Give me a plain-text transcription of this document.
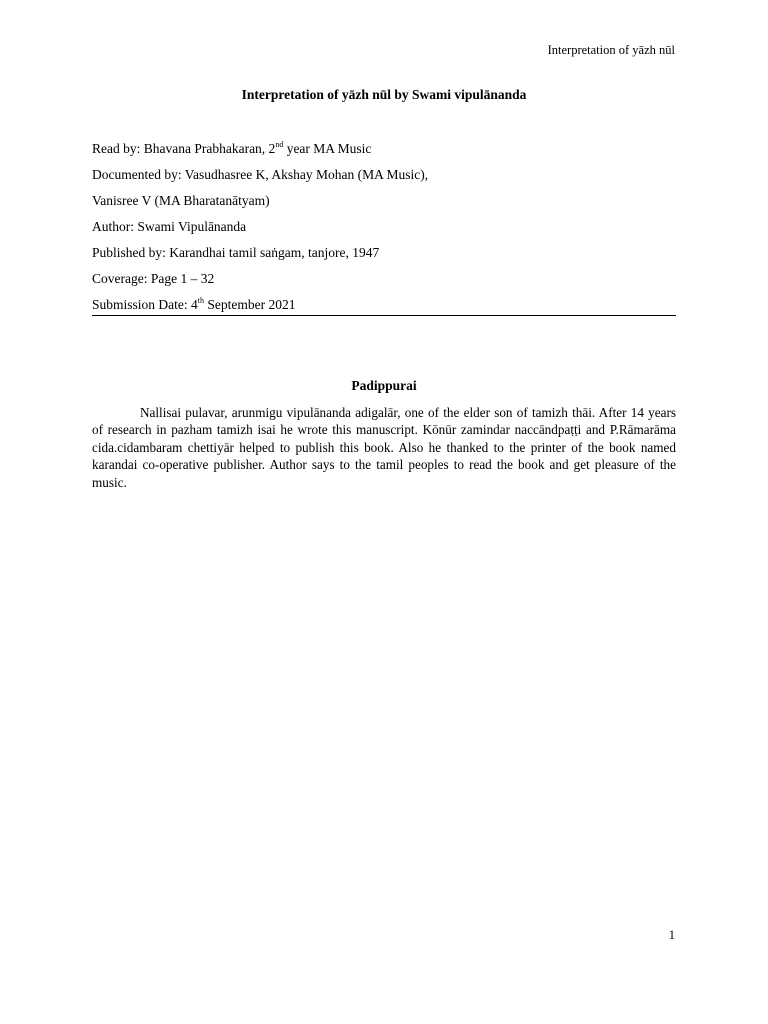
Interpretation of yāzh nūl
Interpretation of yāzh nūl by Swami vipulānanda
Read by: Bhavana Prabhakaran, 2nd year MA Music
Documented by: Vasudhasree K, Akshay Mohan (MA Music),
Vanisree V (MA Bharatanātyam)
Author: Swami Vipulānanda
Published by: Karandhai tamil saṅgam, tanjore, 1947
Coverage: Page 1 – 32
Submission Date: 4th September 2021
Padippurai

Nallisai pulavar, arunmigu vipulānanda adigalār, one of the elder son of tamizh thāi. After 14 years of research in pazham tamizh isai he wrote this manuscript. Kōnūr zamindar naccāndpaṭṭi and P.Rāmarāma cida.cidambaram chettiyār helped to publish this book. Also he thanked to the printer of the book named karandai co-operative publisher. Author says to the tamil peoples to read the book and get pleasure of the music.

1
